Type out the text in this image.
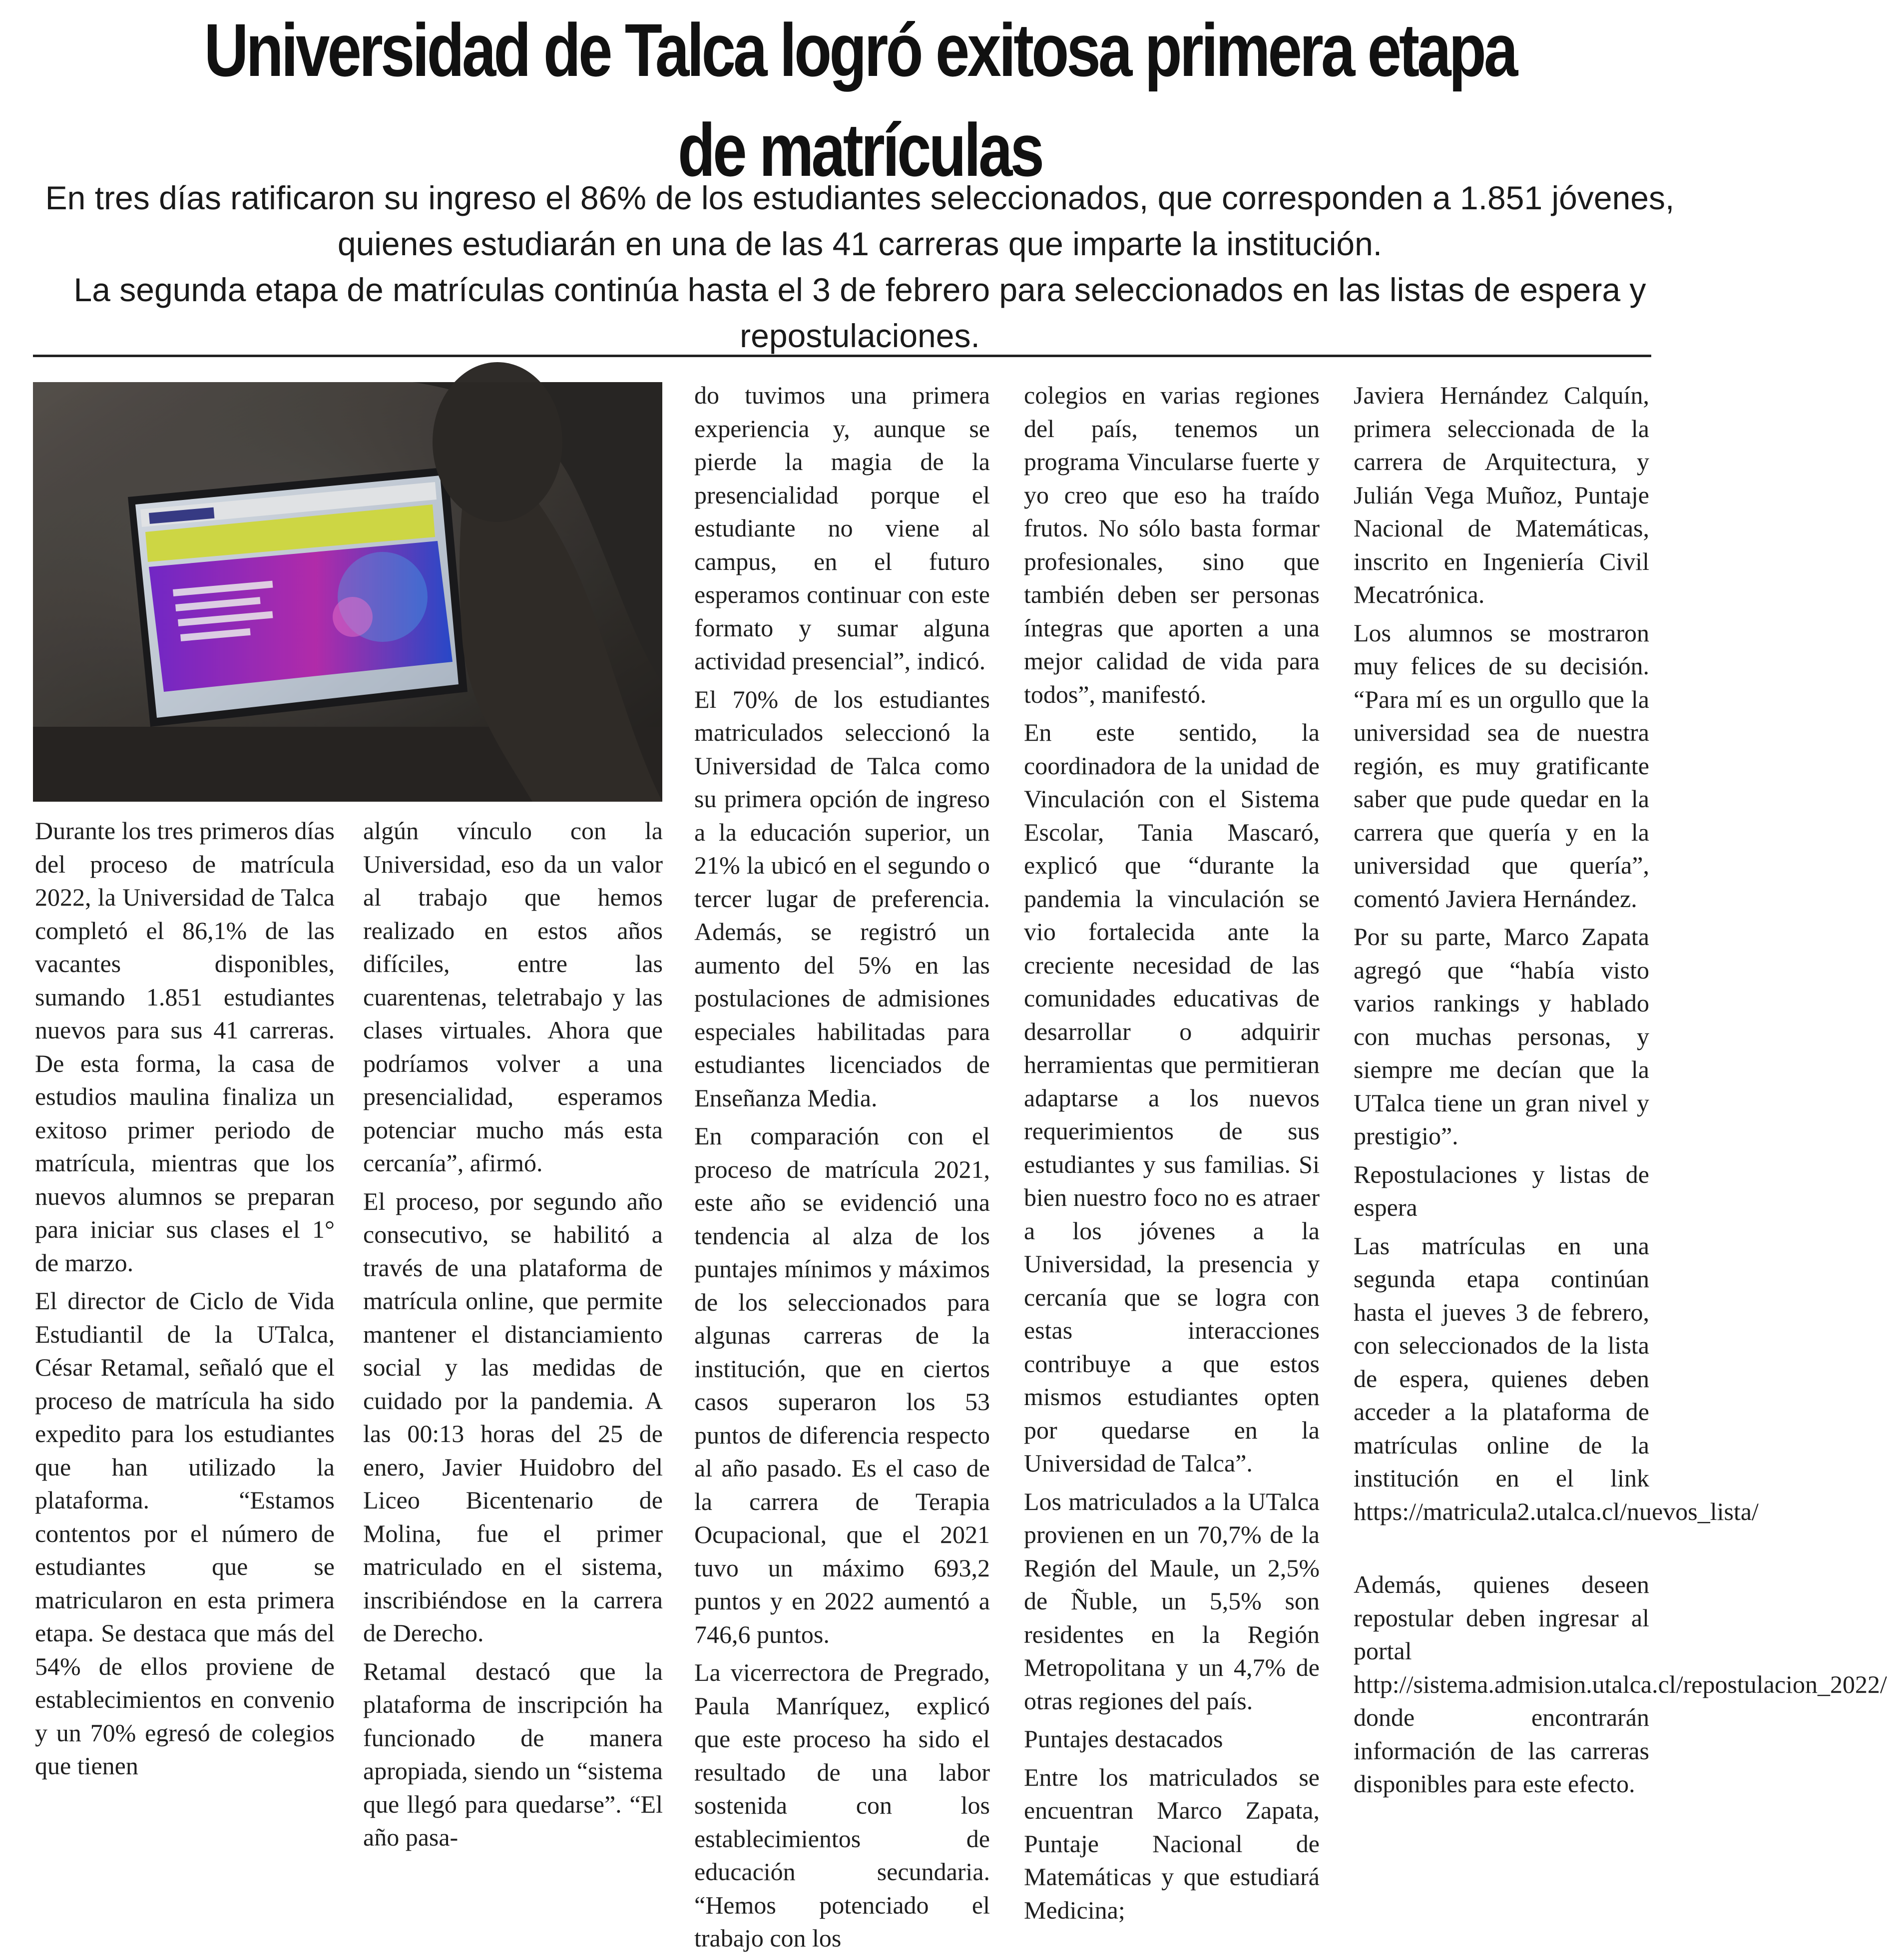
Universidad de Talca logró exitosa primera etapa de matrículas

En tres días ratificaron su ingreso el 86% de los estudiantes seleccionados, que corresponden a 1.851 jóvenes, quienes estudiarán en una de las 41 carreras que imparte la institución.

La segunda etapa de matrículas continúa hasta el 3 de febrero para seleccionados en las listas de espera y repostulaciones.

Durante los tres primeros días del proceso de matrícula 2022, la Universidad de Talca completó el 86,1% de las vacantes disponibles, sumando 1.851 estudiantes nuevos para sus 41 carreras. De esta forma, la casa de estudios maulina finaliza un exitoso primer periodo de matrícula, mientras que los nuevos alumnos se preparan para iniciar sus clases el 1° de marzo.

El director de Ciclo de Vida Estudiantil de la UTalca, César Retamal, señaló que el proceso de matrícula ha sido expedito para los estudiantes que han utilizado la plataforma. “Estamos contentos por el número de estudiantes que se matricularon en esta primera etapa. Se destaca que más del 54% de ellos proviene de establecimientos en convenio y un 70% egresó de colegios que tienen

algún vínculo con la Universidad, eso da un valor al trabajo que hemos realizado en estos años difíciles, entre las cuarentenas, teletrabajo y las clases virtuales. Ahora que podríamos volver a una presencialidad, esperamos potenciar mucho más esta cercanía”, afirmó.

El proceso, por segundo año consecutivo, se habilitó a través de una plataforma de matrícula online, que permite mantener el distanciamiento social y las medidas de cuidado por la pandemia. A las 00:13 horas del 25 de enero, Javier Huidobro del Liceo Bicentenario de Molina, fue el primer matriculado en el sistema, inscribiéndose en la carrera de Derecho.

Retamal destacó que la plataforma de inscripción ha funcionado de manera apropiada, siendo un “sistema que llegó para quedarse”. “El año pasa-

do tuvimos una primera experiencia y, aunque se pierde la magia de la presencialidad porque el estudiante no viene al campus, en el futuro esperamos continuar con este formato y sumar alguna actividad presencial”, indicó.

El 70% de los estudiantes matriculados seleccionó la Universidad de Talca como su primera opción de ingreso a la educación superior, un 21% la ubicó en el segundo o tercer lugar de preferencia. Además, se registró un aumento del 5% en las postulaciones de admisiones especiales habilitadas para estudiantes licenciados de Enseñanza Media.

En comparación con el proceso de matrícula 2021, este año se evidenció una tendencia al alza de los puntajes mínimos y máximos de los seleccionados para algunas carreras de la institución, que en ciertos casos superaron los 53 puntos de diferencia respecto al año pasado. Es el caso de la carrera de Terapia Ocupacional, que el 2021 tuvo un máximo 693,2 puntos y en 2022 aumentó a 746,6 puntos.

La vicerrectora de Pregrado, Paula Manríquez, explicó que este proceso ha sido el resultado de una labor sostenida con los establecimientos de educación secundaria. “Hemos potenciado el trabajo con los

colegios en varias regiones del país, tenemos un programa Vincularse fuerte y yo creo que eso ha traído frutos. No sólo basta formar profesionales, sino que también deben ser personas íntegras que aporten a una mejor calidad de vida para todos”, manifestó.

En este sentido, la coordinadora de la unidad de Vinculación con el Sistema Escolar, Tania Mascaró, explicó que “durante la pandemia la vinculación se vio fortalecida ante la creciente necesidad de las comunidades educativas de desarrollar o adquirir herramientas que permitieran adaptarse a los nuevos requerimientos de sus estudiantes y sus familias. Si bien nuestro foco no es atraer a los jóvenes a la Universidad, la presencia y cercanía que se logra con estas interacciones contribuye a que estos mismos estudiantes opten por quedarse en la Universidad de Talca”.

Los matriculados a la UTalca provienen en un 70,7% de la Región del Maule, un 2,5% de Ñuble, un 5,5% son residentes en la Región Metropolitana y un 4,7% de otras regiones del país.

Puntajes destacados

Entre los matriculados se encuentran Marco Zapata, Puntaje Nacional de Matemáticas y que estudiará Medicina;

Javiera Hernández Calquín, primera seleccionada de la carrera de Arquitectura, y Julián Vega Muñoz, Puntaje Nacional de Matemáticas, inscrito en Ingeniería Civil Mecatrónica.

Los alumnos se mostraron muy felices de su decisión. “Para mí es un orgullo que la universidad sea de nuestra región, es muy gratificante saber que pude quedar en la carrera que quería y en la universidad que quería”, comentó Javiera Hernández.

Por su parte, Marco Zapata agregó que “había visto varios rankings y hablado con muchas personas, y siempre me decían que la UTalca tiene un gran nivel y prestigio”.

Repostulaciones y listas de espera

Las matrículas en una segunda etapa continúan hasta el jueves 3 de febrero, con seleccionados de la lista de espera, quienes deben acceder a la plataforma de matrículas online de la institución en el link https://matricula2.utalca.cl/nuevos_lista/

Además, quienes deseen repostular deben ingresar al portal http://sistema.admision.utalca.cl/repostulacion_2022/ donde encontrarán información de las carreras disponibles para este efecto.
